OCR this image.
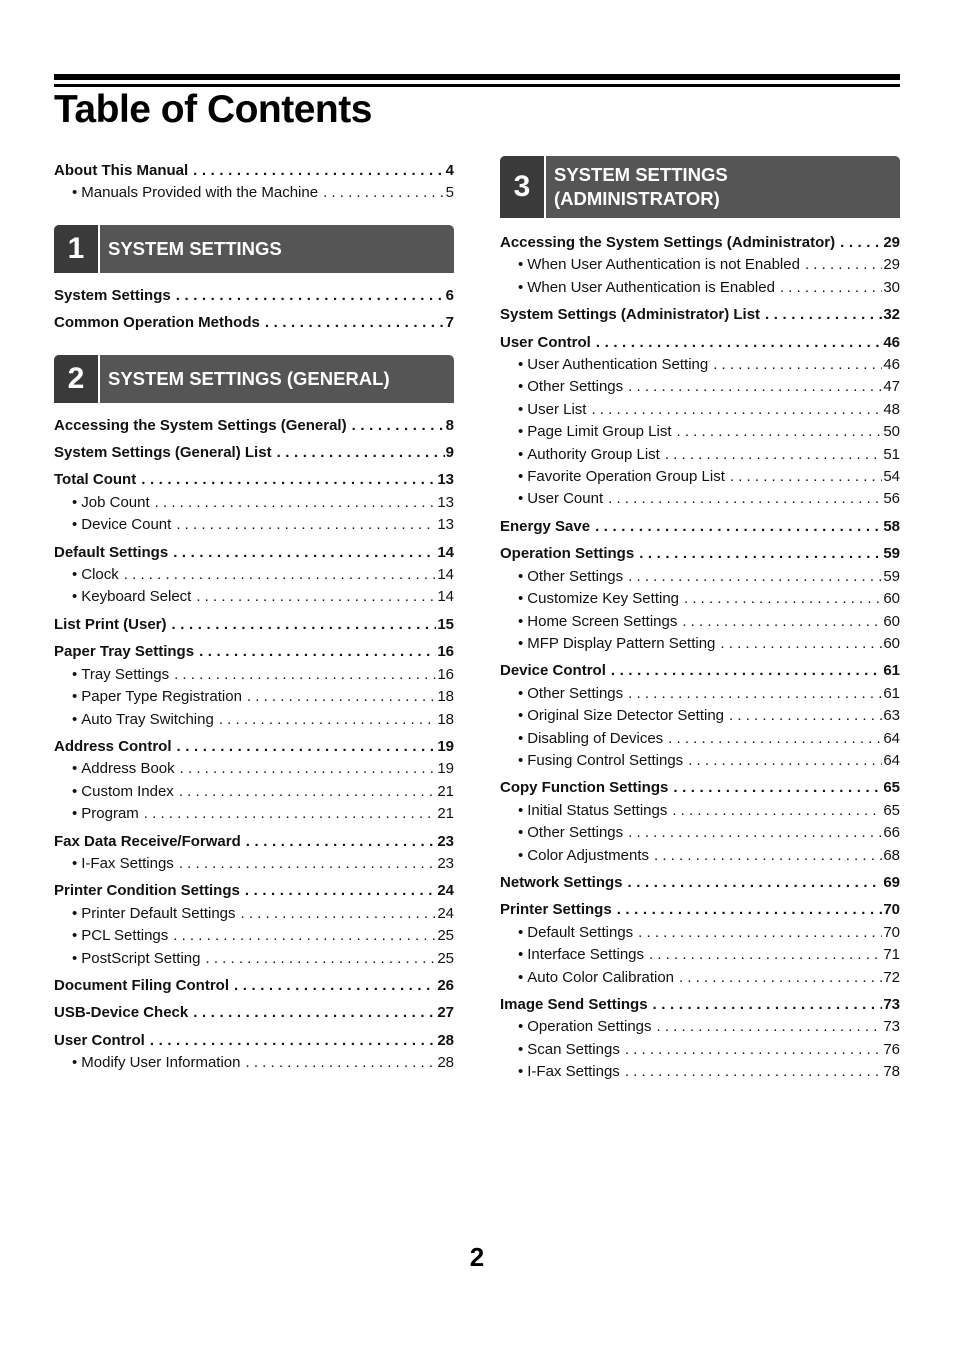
Table of Contents
About This Manual . . .	4
• Manuals Provided with the Machine . . .	5
1	SYSTEM SETTINGS
System Settings . . .	6
Common Operation Methods . . .	7
2	SYSTEM SETTINGS (GENERAL)
Accessing the System Settings (General) . . .	8
System Settings (General) List . . .	9
Total Count . . .	13
• Job Count . . .	13
• Device Count . . .	13
Default Settings . . .	14
• Clock . . .	14
• Keyboard Select . . .	14
List Print (User) . . .	15
Paper Tray Settings . . .	16
• Tray Settings . . .	16
• Paper Type Registration . . .	18
• Auto Tray Switching . . .	18
Address Control . . .	19
• Address Book . . .	19
• Custom Index . . .	21
• Program . . .	21
Fax Data Receive/Forward . . .	23
• I-Fax Settings . . .	23
Printer Condition Settings . . .	24
• Printer Default Settings . . .	24
• PCL Settings . . .	25
• PostScript Setting . . .	25
Document Filing Control . . .	26
USB-Device Check . . .	27
User Control . . .	28
• Modify User Information . . .	28
3	SYSTEM SETTINGS
(ADMINISTRATOR)
Accessing the System Settings (Administrator) . . .	29
• When User Authentication is not Enabled . . .	29
• When User Authentication is Enabled . . .	30
System Settings (Administrator) List . . .	32
User Control . . .	46
• User Authentication Setting . . .	46
• Other Settings . . .	47
• User List . . .	48
• Page Limit Group List . . .	50
• Authority Group List . . .	51
• Favorite Operation Group List . . .	54
• User Count . . .	56
Energy Save . . .	58
Operation Settings . . .	59
• Other Settings . . .	59
• Customize Key Setting . . .	60
• Home Screen Settings . . .	60
• MFP Display Pattern Setting . . .	60
Device Control . . .	61
• Other Settings . . .	61
• Original Size Detector Setting . . .	63
• Disabling of Devices . . .	64
• Fusing Control Settings . . .	64
Copy Function Settings . . .	65
• Initial Status Settings . . .	65
• Other Settings . . .	66
• Color Adjustments . . .	68
Network Settings . . .	69
Printer Settings . . .	70
• Default Settings . . .	70
• Interface Settings . . .	71
• Auto Color Calibration . . .	72
Image Send Settings . . .	73
• Operation Settings . . .	73
• Scan Settings . . .	76
• I-Fax Settings . . .	78
2
